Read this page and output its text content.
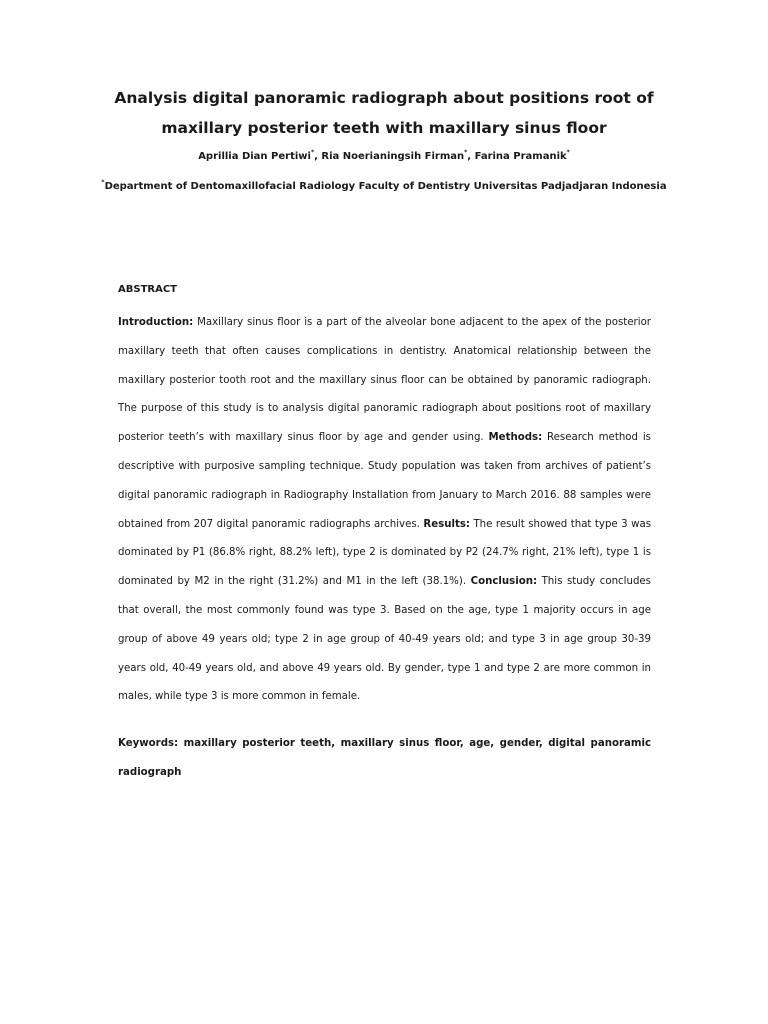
Analysis digital panoramic radiograph about positions root of maxillary posterior teeth with maxillary sinus floor
Aprillia Dian Pertiwi*, Ria Noerianingsih Firman*, Farina Pramanik*
*Department of Dentomaxillofacial Radiology Faculty of Dentistry Universitas Padjadjaran Indonesia
ABSTRACT

Introduction: Maxillary sinus floor is a part of the alveolar bone adjacent to the apex of the posterior maxillary teeth that often causes complications in dentistry. Anatomical relationship between the maxillary posterior tooth root and the maxillary sinus floor can be obtained by panoramic radiograph. The purpose of this study is to analysis digital panoramic radiograph about positions root of maxillary posterior teeth’s with maxillary sinus floor by age and gender using. Methods: Research method is descriptive with purposive sampling technique. Study population was taken from archives of patient’s digital panoramic radiograph in Radiography Installation from January to March 2016. 88 samples were obtained from 207 digital panoramic radiographs archives. Results: The result showed that type 3 was dominated by P1 (86.8% right, 88.2% left), type 2 is dominated by P2 (24.7% right, 21% left), type 1 is dominated by M2 in the right (31.2%) and M1 in the left (38.1%). Conclusion: This study concludes that overall, the most commonly found was type 3. Based on the age, type 1 majority occurs in age group of above 49 years old; type 2 in age group of 40-49 years old; and type 3 in age group 30-39 years old, 40-49 years old, and above 49 years old. By gender, type 1 and type 2 are more common in males, while type 3 is more common in female.

Keywords: maxillary posterior teeth, maxillary sinus floor, age, gender, digital panoramic radiograph
